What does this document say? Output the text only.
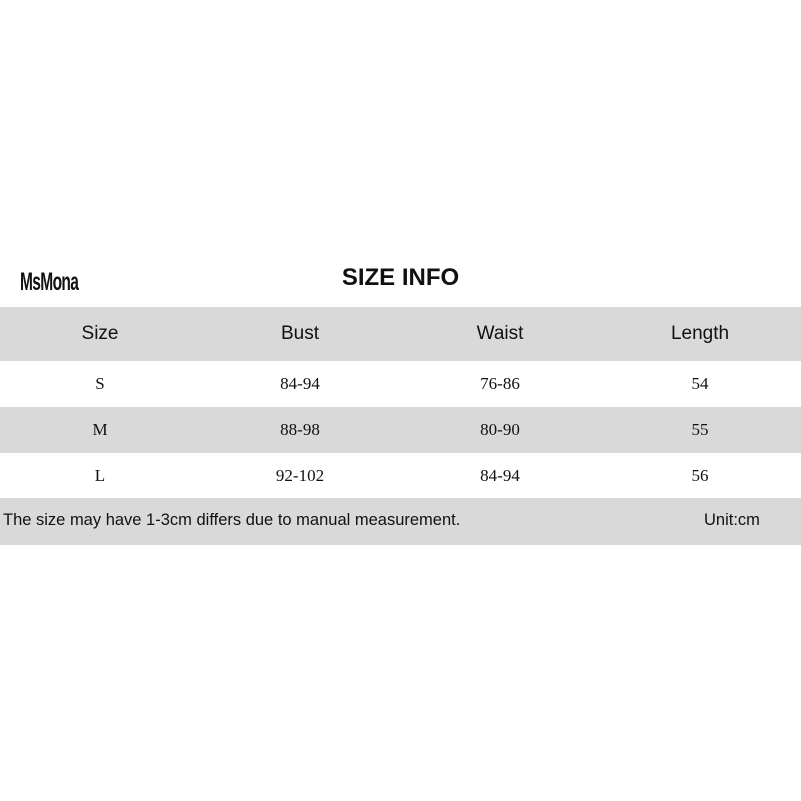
MsMona	SIZE INFO
Size	Bust	Waist	Length
S	84-94	76-86	54
M	88-98	80-90	55
L	92-102	84-94	56
The size may have 1-3cm differs due to manual measurement.	Unit:cm
